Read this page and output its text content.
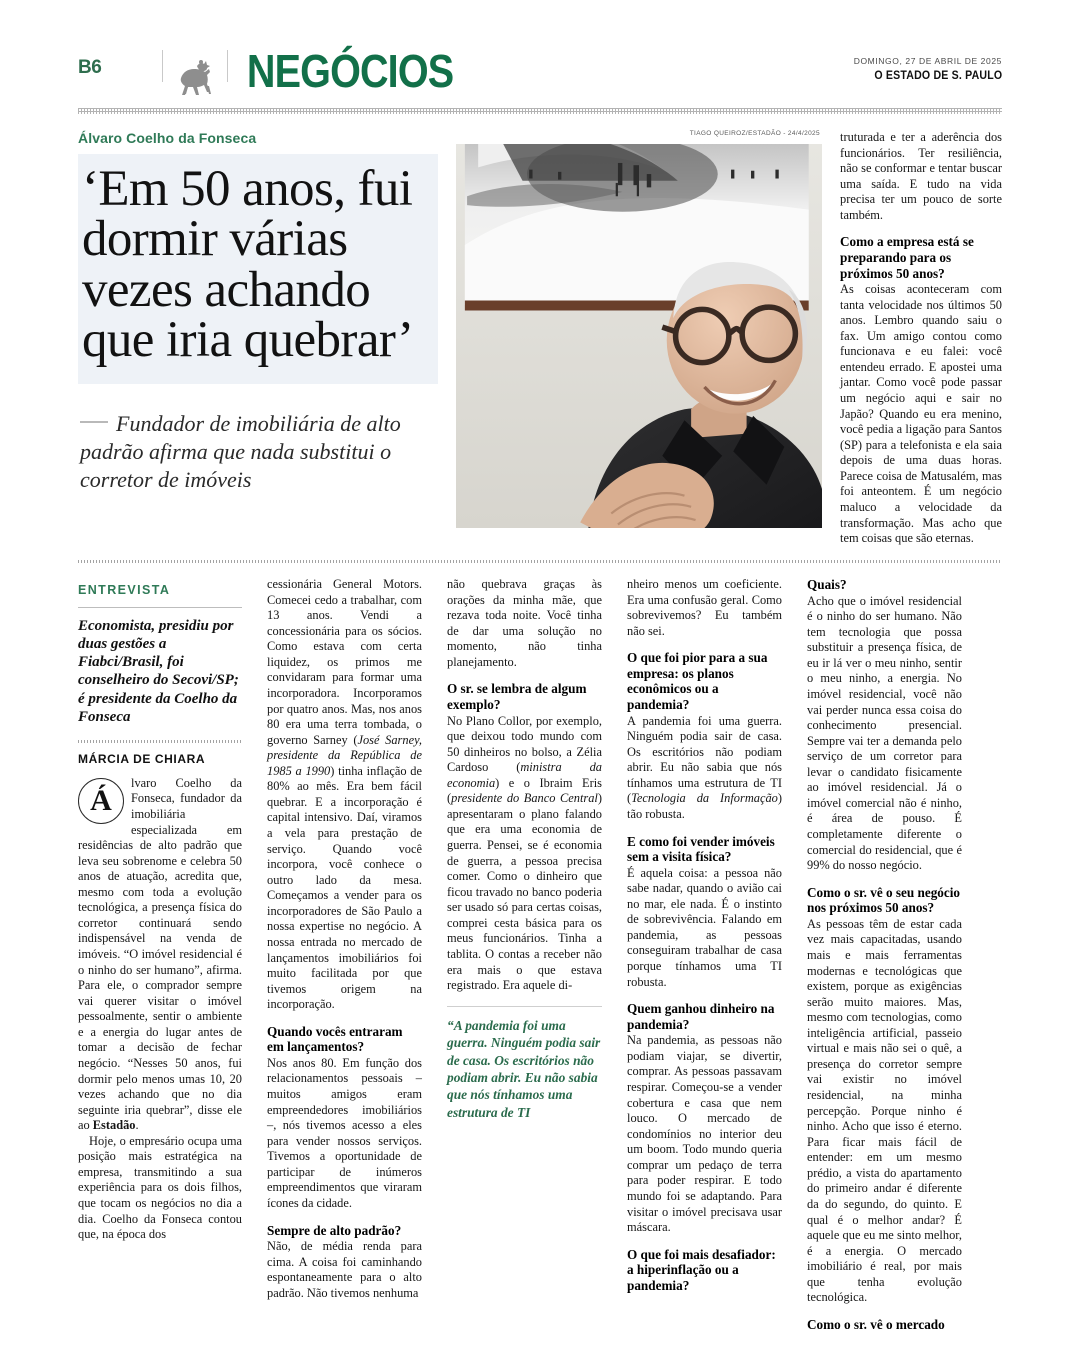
B6	NEGÓCIOS	DOMINGO, 27 DE ABRIL DE 2025
O ESTADO DE S. PAULO
Álvaro Coelho da Fonseca
‘Em 50 anos, fui dormir várias vezes achando que iria quebrar’
Fundador de imobiliária de alto padrão afirma que nada substitui o corretor de imóveis
TIAGO QUEIROZ/ESTADÃO - 24/4/2025 truturada e ter a aderência dos funcionários. Ter resiliência, não se conformar e tentar buscar uma saída. E tudo na vida precisa ter um pouco de sorte também.

Como a empresa está se preparando para os próximos 50 anos?

As coisas aconteceram com tanta velocidade nos últimos 50 anos. Lembro quando saiu o fax. Um amigo contou como funcionava e eu falei: você entendeu errado. E apostei uma jantar. Como você pode passar um negócio aqui e sair no Japão? Quando eu era menino, você pedia a ligação para Santos (SP) para a telefonista e ela saia depois de uma duas horas. Parece coisa de Matusalém, mas foi anteontem. É um negócio maluco a velocidade da transformação. Mas acho que tem coisas que são eternas.

ENTREVISTA
Economista, presidiu por duas gestões a Fiabci/Brasil, foi conselheiro do Secovi/SP; é presidente da Coelho da Fonseca
MÁRCIA DE CHIARA
Á

lvaro Coelho da Fonseca, fundador da imobiliária especializada em residências de alto padrão que leva seu sobrenome e celebra 50 anos de atuação, acredita que, mesmo com toda a evolução tecnológica, a presença física do corretor continuará sendo indispensável na venda de imóveis. “O imóvel residencial é o ninho do ser humano”, afirma. Para ele, o comprador sempre vai querer visitar o imóvel pessoalmente, sentir o ambiente e a energia do lugar antes de tomar a decisão de fechar negócio. “Nesses 50 anos, fui dormir pelo menos umas 10, 20 vezes achando que no dia seguinte iria quebrar”, disse ele ao Estadão.

Hoje, o empresário ocupa uma posição mais estratégica na empresa, transmitindo a sua experiência para os dois filhos, que tocam os negócios no dia a dia. Coelho da Fonseca contou que, na época dos

cessionária General Motors. Comecei cedo a trabalhar, com 13 anos. Vendi a concessionária para os sócios. Como estava com certa liquidez, os primos me convidaram para formar uma incorporadora. Incorporamos por quatro anos. Mas, nos anos 80 era uma terra tombada, o governo Sarney (José Sarney, presidente da República de 1985 a 1990) tinha inflação de 80% ao mês. Era bem fácil quebrar. E a incorporação é capital intensivo. Daí, viramos a vela para prestação de serviço. Quando você incorpora, você conhece o outro lado da mesa. Começamos a vender para os incorporadores de São Paulo a nossa expertise no negócio. A nossa entrada no mercado de lançamentos imobiliários foi muito facilitada por que tivemos origem na incorporação.

Quando vocês entraram em lançamentos?

Nos anos 80. Em função dos relacionamentos pessoais – muitos amigos eram empreendedores imobiliários –, nós tivemos acesso a eles para vender nossos serviços. Tivemos a oportunidade de participar de inúmeros empreendimentos que viraram ícones da cidade.

Sempre de alto padrão?

Não, de média renda para cima. A coisa foi caminhando espontaneamente para o alto padrão. Não tivemos nenhuma

não quebrava graças às orações da minha mãe, que rezava toda noite. Você tinha de dar uma solução no momento, não tinha planejamento.

O sr. se lembra de algum exemplo?

No Plano Collor, por exemplo, que deixou todo mundo com 50 dinheiros no bolso, a Zélia Cardoso (ministra da economia) e o Ibraim Eris (presidente do Banco Central) apresentaram o plano falando que era uma economia de guerra. Pensei, se é economia de guerra, a pessoa precisa comer. Como o dinheiro que ficou travado no banco poderia ser usado só para certas coisas, comprei cesta básica para os meus funcionários. Tinha a tablita. O contas a receber não era mais o que estava registrado. Era aquele di-

“A pandemia foi uma guerra. Ninguém podia sair de casa. Os escritórios não podiam abrir. Eu não sabia que nós tínhamos uma estrutura de TI

nheiro menos um coeficiente. Era uma confusão geral. Como sobrevivemos? Eu também não sei.

O que foi pior para a sua empresa: os planos econômicos ou a pandemia?

A pandemia foi uma guerra. Ninguém podia sair de casa. Os escritórios não podiam abrir. Eu não sabia que nós tínhamos uma estrutura de TI (Tecnologia da Informação) tão robusta.

E como foi vender imóveis sem a visita física?

É aquela coisa: a pessoa não sabe nadar, quando o avião cai no mar, ele nada. É o instinto de sobrevivência. Falando em pandemia, as pessoas conseguiram trabalhar de casa porque tínhamos uma TI robusta.

Quem ganhou dinheiro na pandemia?

Na pandemia, as pessoas não podiam viajar, se divertir, comprar. As pessoas passavam respirar. Começou-se a vender cobertura e casa que nem louco. O mercado de condomínios no interior deu um boom. Todo mundo queria comprar um pedaço de terra para poder respirar. E todo mundo foi se adaptando. Para visitar o imóvel precisava usar máscara.

O que foi mais desafiador: a hiperinflação ou a pandemia?
Quais?

Acho que o imóvel residencial é o ninho do ser humano. Não tem tecnologia que possa substituir a presença física, de eu ir lá ver o meu ninho, sentir o meu ninho, a energia. No imóvel residencial, você não vai perder nunca essa coisa do conhecimento presencial. Sempre vai ter a demanda pelo serviço de um corretor para levar o candidato fisicamente ao imóvel residencial. Já o imóvel comercial não é ninho, é área de pouso. É completamente diferente o comercial do residencial, que é 99% do nosso negócio.

Como o sr. vê o seu negócio nos próximos 50 anos?

As pessoas têm de estar cada vez mais capacitadas, usando mais e mais ferramentas modernas e tecnológicas que existem, porque as exigências serão muito maiores. Mas, mesmo com tecnologias, como inteligência artificial, passeio virtual e mais não sei o quê, a presença do corretor sempre vai existir no imóvel residencial, na minha percepção. Porque ninho é ninho. Acho que isso é eterno. Para ficar mais fácil de entender: em um mesmo prédio, a vista do apartamento do primeiro andar é diferente da do segundo, do quinto. E qual é o melhor andar? É aquele que eu me sinto melhor, é a energia. O mercado imobiliário é real, por mais que tenha evolução tecnológica.

Como o sr. vê o mercado
